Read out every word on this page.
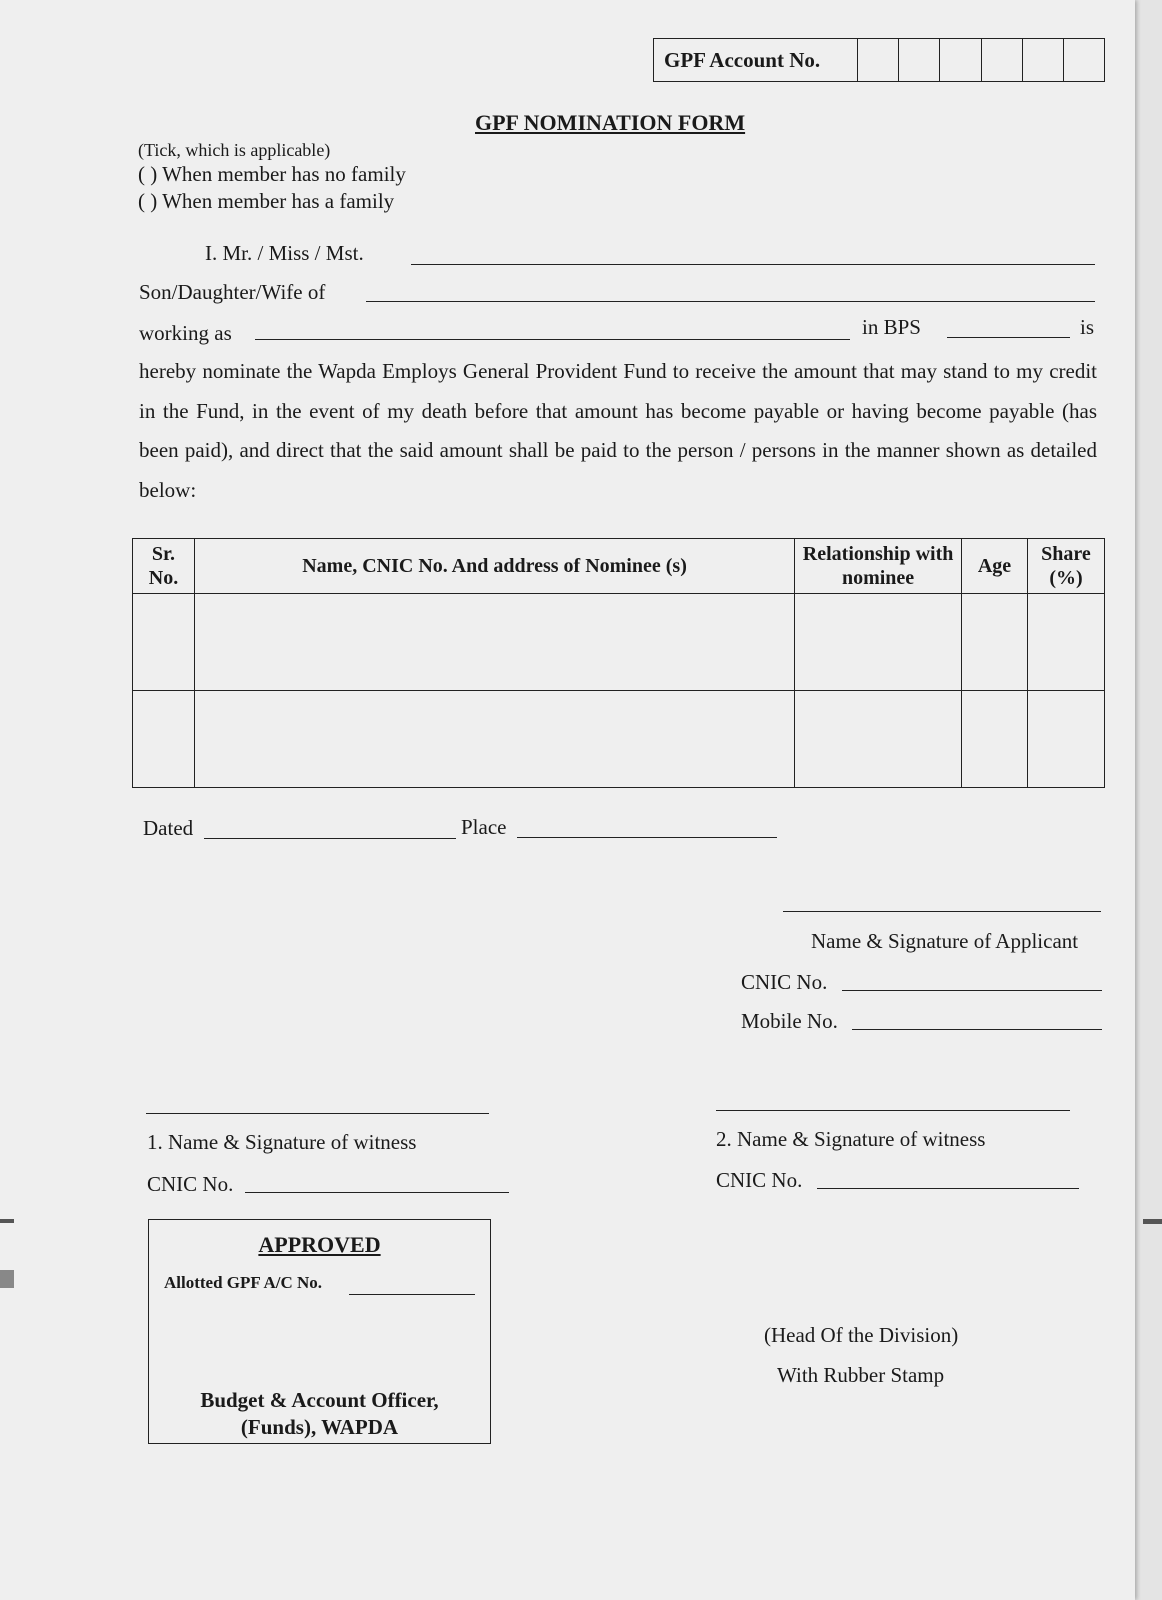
GPF Account No.
GPF NOMINATION FORM
(Tick, which is applicable)
( ) When member has no family
( ) When member has a family
I. Mr. / Miss / Mst.
Son/Daughter/Wife of
working as	in BPS	is
hereby nominate the Wapda Employs General Provident Fund to receive the amount that may stand to my credit in the Fund, in the event of my death before that amount has become payable or having become payable (has been paid), and direct that the said amount shall be paid to the person / persons in the manner shown as detailed below:
Sr. No.	Name, CNIC No. And address of Nominee (s)	Relationship with nominee	Age	Share (%)

Dated	Place
Name & Signature of Applicant
CNIC No.
Mobile No.
1. Name & Signature of witness
CNIC No.
2. Name & Signature of witness
CNIC No.
APPROVED
Allotted GPF A/C No.
Budget & Account Officer,
(Funds), WAPDA
(Head Of the Division)
With Rubber Stamp
